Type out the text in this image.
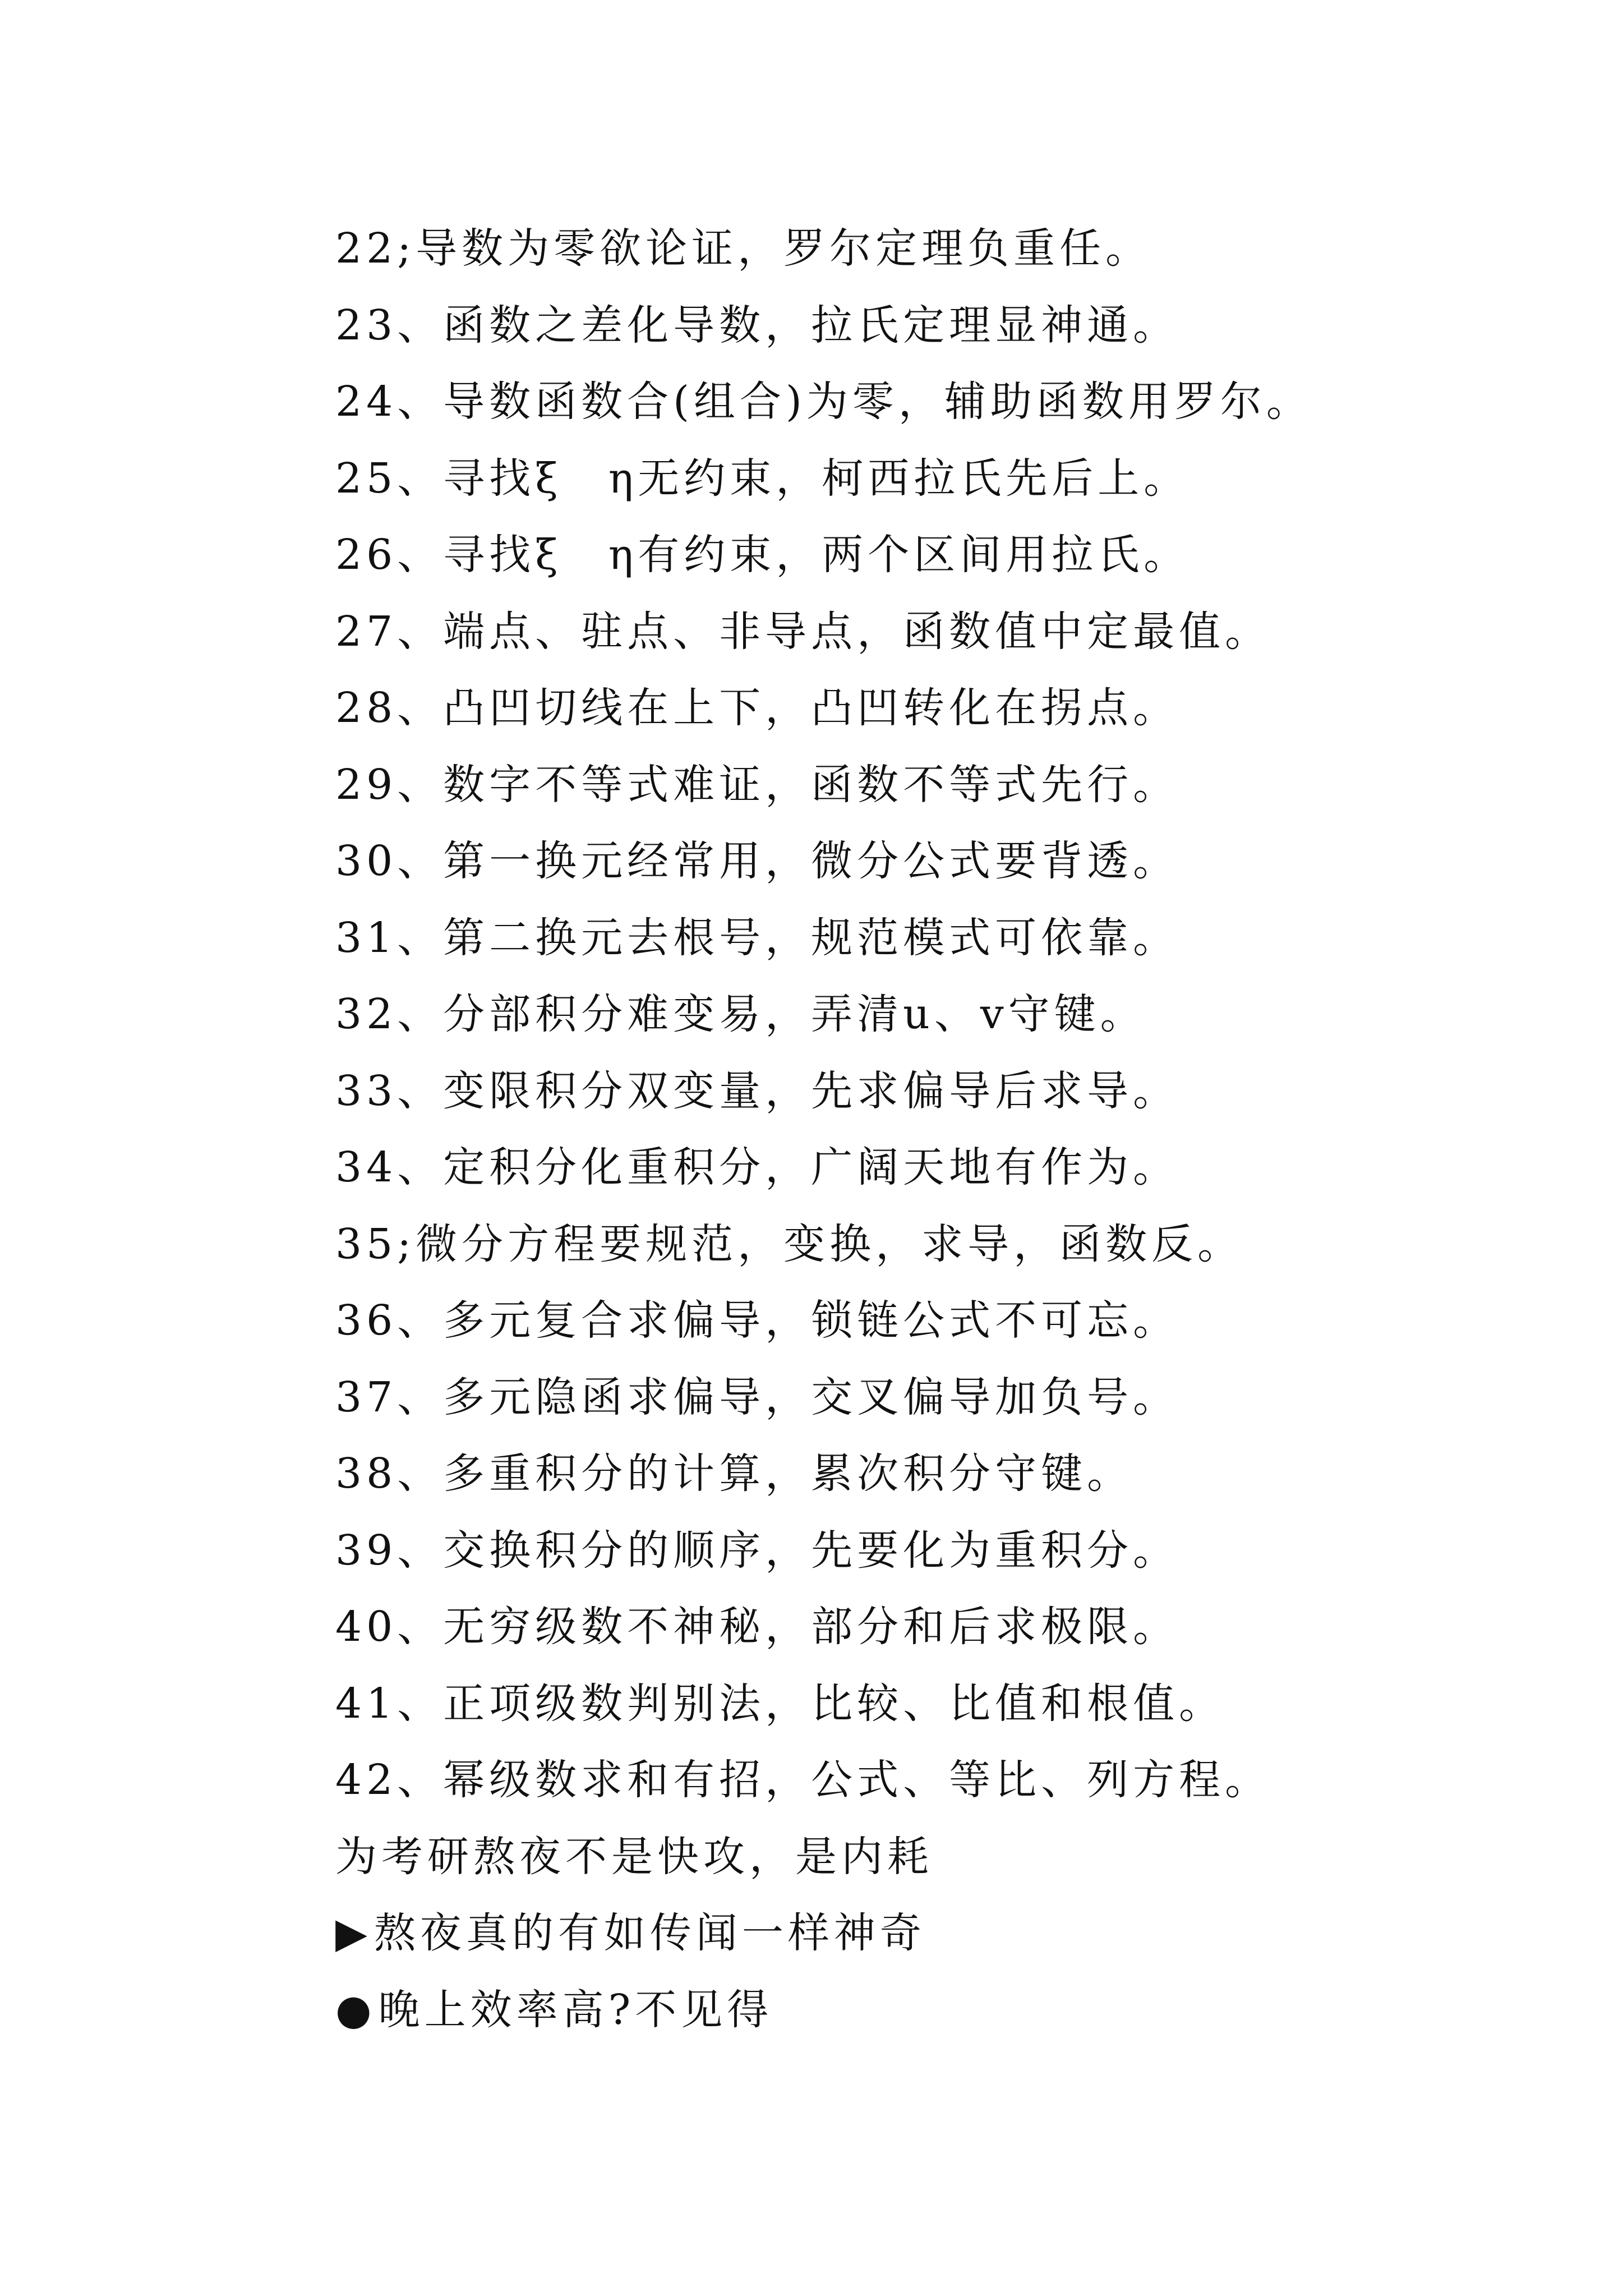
22;导数为零欲论证，罗尔定理负重任。
23、函数之差化导数，拉氏定理显神通。
24、导数函数合(组合)为零，辅助函数用罗尔。
25、寻找ξ　η无约束，柯西拉氏先后上。
26、寻找ξ　η有约束，两个区间用拉氏。
27、端点、驻点、非导点，函数值中定最值。
28、凸凹切线在上下，凸凹转化在拐点。
29、数字不等式难证，函数不等式先行。
30、第一换元经常用，微分公式要背透。
31、第二换元去根号，规范模式可依靠。
32、分部积分难变易，弄清u、v守键。
33、变限积分双变量，先求偏导后求导。
34、定积分化重积分，广阔天地有作为。
35;微分方程要规范，变换，求导，函数反。
36、多元复合求偏导，锁链公式不可忘。
37、多元隐函求偏导，交叉偏导加负号。
38、多重积分的计算，累次积分守键。
39、交换积分的顺序，先要化为重积分。
40、无穷级数不神秘，部分和后求极限。
41、正项级数判别法，比较、比值和根值。
42、幂级数求和有招，公式、等比、列方程。
为考研熬夜不是快攻，是内耗
▶熬夜真的有如传闻一样神奇
●晚上效率高?不见得
